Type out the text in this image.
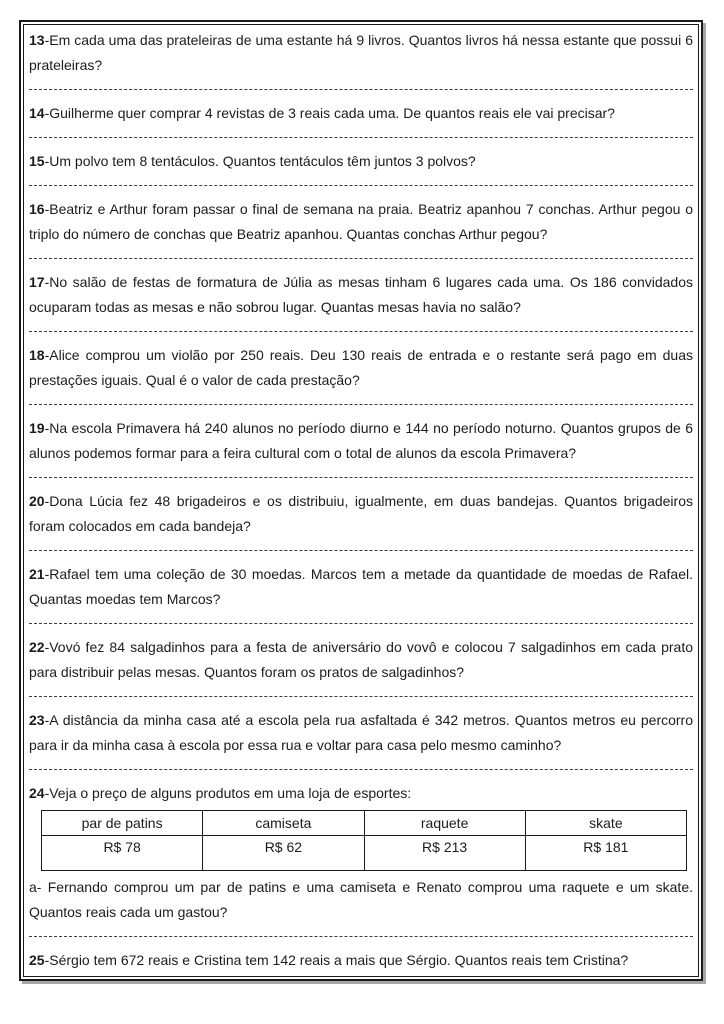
13-Em cada uma das prateleiras de uma estante há 9 livros. Quantos livros há nessa estante que possui 6 prateleiras?

14-Guilherme quer comprar 4 revistas de 3 reais cada uma. De quantos reais ele vai precisar?

15-Um polvo tem 8 tentáculos. Quantos tentáculos têm juntos 3 polvos?

16-Beatriz e Arthur foram passar o final de semana na praia. Beatriz apanhou 7 conchas. Arthur pegou o triplo do número de conchas que Beatriz apanhou. Quantas conchas Arthur pegou?

17-No salão de festas de formatura de Júlia as mesas tinham 6 lugares cada uma. Os 186 convidados ocuparam todas as mesas e não sobrou lugar. Quantas mesas havia no salão?

18-Alice comprou um violão por 250 reais. Deu 130 reais de entrada e o restante será pago em duas prestações iguais. Qual é o valor de cada prestação?

19-Na escola Primavera há 240 alunos no período diurno e 144 no período noturno. Quantos grupos de 6 alunos podemos formar para a feira cultural com o total de alunos da escola Primavera?

20-Dona Lúcia fez 48 brigadeiros e os distribuiu, igualmente, em duas bandejas. Quantos brigadeiros foram colocados em cada bandeja?

21-Rafael tem uma coleção de 30 moedas. Marcos tem a metade da quantidade de moedas de Rafael. Quantas moedas tem Marcos?

22-Vovó fez 84 salgadinhos para a festa de aniversário do vovô e colocou 7 salgadinhos em cada prato para distribuir pelas mesas. Quantos foram os pratos de salgadinhos?

23-A distância da minha casa até a escola pela rua asfaltada é 342 metros. Quantos metros eu percorro para ir da minha casa à escola por essa rua e voltar para casa pelo mesmo caminho?

24-Veja o preço de alguns produtos em uma loja de esportes:

par de patins	camiseta	raquete	skate
R$ 78	R$ 62	R$ 213	R$ 181

a- Fernando comprou um par de patins e uma camiseta e Renato comprou uma raquete e um skate. Quantos reais cada um gastou?

25-Sérgio tem 672 reais e Cristina tem 142 reais a mais que Sérgio. Quantos reais tem Cristina?
